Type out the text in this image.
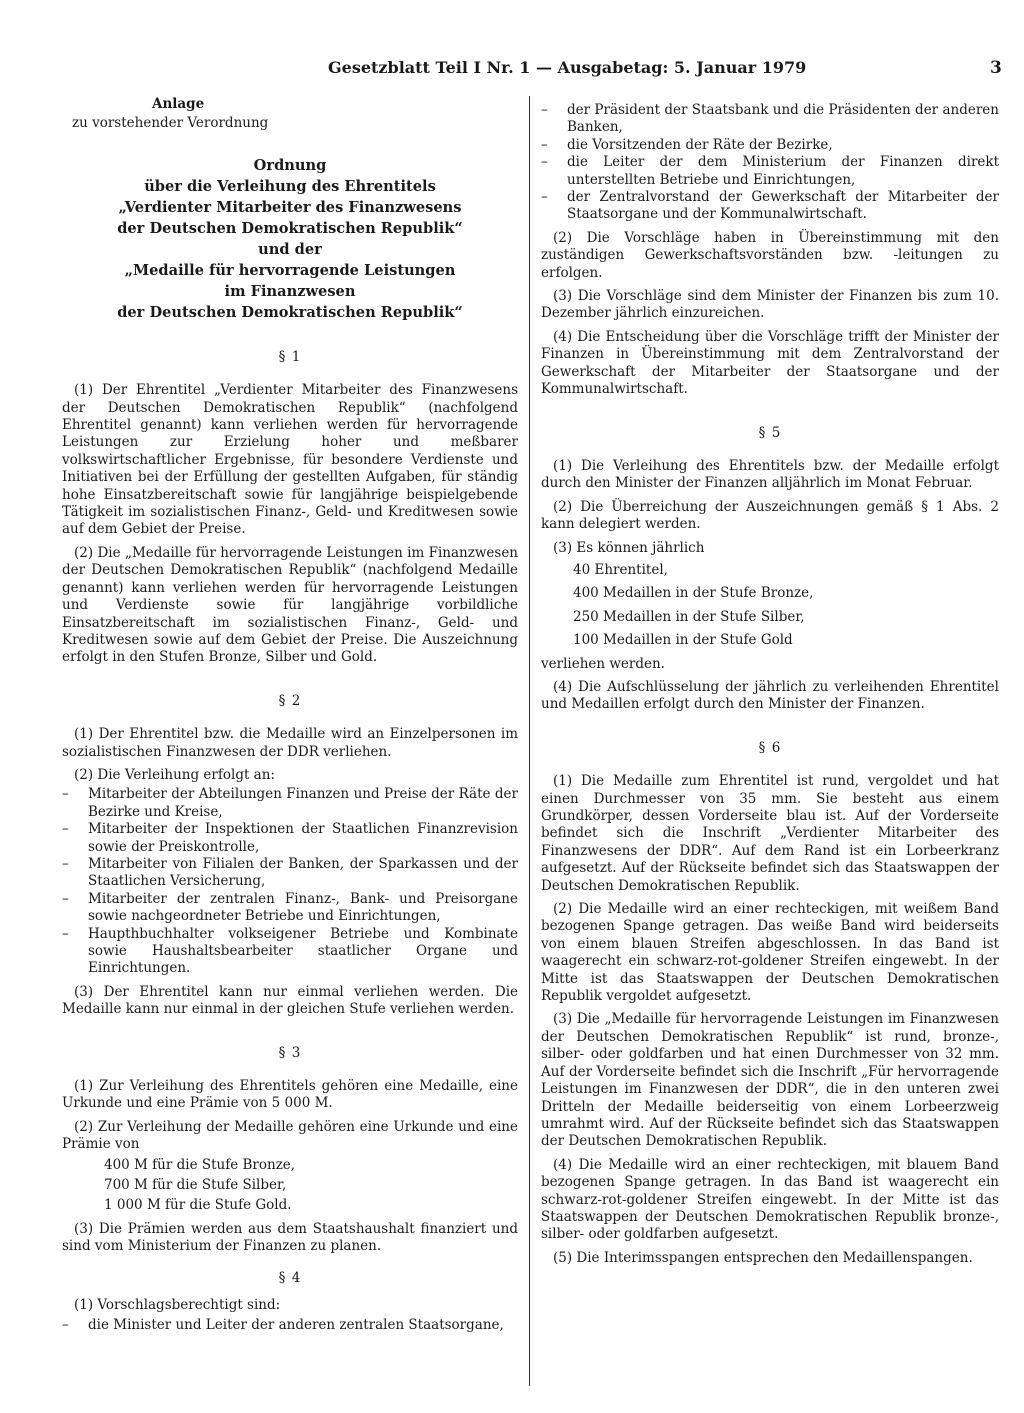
Gesetzblatt Teil I Nr. 1 — Ausgabetag: 5. Januar 1979	3
Anlage
zu vorstehender Verordnung
Ordnung
über die Verleihung des Ehrentitels
„Verdienter Mitarbeiter des Finanzwesens
der Deutschen Demokratischen Republik“
und der
„Medaille für hervorragende Leistungen
im Finanzwesen
der Deutschen Demokratischen Republik“
§ 1

(1) Der Ehrentitel „Verdienter Mitarbeiter des Finanzwesens der Deutschen Demokratischen Republik“ (nachfolgend Ehrentitel genannt) kann verliehen werden für hervorragende Leistungen zur Erzielung hoher und meßbarer volkswirtschaftlicher Ergebnisse, für besondere Verdienste und Initiativen bei der Erfüllung der gestellten Aufgaben, für ständig hohe Einsatzbereitschaft sowie für langjährige beispielgebende Tätigkeit im sozialistischen Finanz-, Geld- und Kreditwesen sowie auf dem Gebiet der Preise.

(2) Die „Medaille für hervorragende Leistungen im Finanzwesen der Deutschen Demokratischen Republik“ (nachfolgend Medaille genannt) kann verliehen werden für hervorragende Leistungen und Verdienste sowie für langjährige vorbildliche Einsatzbereitschaft im sozialistischen Finanz-, Geld- und Kreditwesen sowie auf dem Gebiet der Preise. Die Auszeichnung erfolgt in den Stufen Bronze, Silber und Gold.

§ 2

(1) Der Ehrentitel bzw. die Medaille wird an Einzelpersonen im sozialistischen Finanzwesen der DDR verliehen.

(2) Die Verleihung erfolgt an:

– Mitarbeiter der Abteilungen Finanzen und Preise der Räte der Bezirke und Kreise,
– Mitarbeiter der Inspektionen der Staatlichen Finanzrevision sowie der Preiskontrolle,
– Mitarbeiter von Filialen der Banken, der Sparkassen und der Staatlichen Versicherung,
– Mitarbeiter der zentralen Finanz-, Bank- und Preisorgane sowie nachgeordneter Betriebe und Einrichtungen,
– Haupthbuchhalter volkseigener Betriebe und Kombinate sowie Haushaltsbearbeiter staatlicher Organe und Einrichtungen.

(3) Der Ehrentitel kann nur einmal verliehen werden. Die Medaille kann nur einmal in der gleichen Stufe verliehen werden.

§ 3

(1) Zur Verleihung des Ehrentitels gehören eine Medaille, eine Urkunde und eine Prämie von 5 000 M.

(2) Zur Verleihung der Medaille gehören eine Urkunde und eine Prämie von

400 M für die Stufe Bronze,
700 M für die Stufe Silber,
1 000 M für die Stufe Gold.

(3) Die Prämien werden aus dem Staatshaushalt finanziert und sind vom Ministerium der Finanzen zu planen.

§ 4

(1) Vorschlagsberechtigt sind:

– die Minister und Leiter der anderen zentralen Staatsorgane,
– der Präsident der Staatsbank und die Präsidenten der anderen Banken,
– die Vorsitzenden der Räte der Bezirke,
– die Leiter der dem Ministerium der Finanzen direkt unterstellten Betriebe und Einrichtungen,
– der Zentralvorstand der Gewerkschaft der Mitarbeiter der Staatsorgane und der Kommunalwirtschaft.

(2) Die Vorschläge haben in Übereinstimmung mit den zuständigen Gewerkschaftsvorständen bzw. -leitungen zu erfolgen.

(3) Die Vorschläge sind dem Minister der Finanzen bis zum 10. Dezember jährlich einzureichen.

(4) Die Entscheidung über die Vorschläge trifft der Minister der Finanzen in Übereinstimmung mit dem Zentralvorstand der Gewerkschaft der Mitarbeiter der Staatsorgane und der Kommunalwirtschaft.

§ 5

(1) Die Verleihung des Ehrentitels bzw. der Medaille erfolgt durch den Minister der Finanzen alljährlich im Monat Februar.

(2) Die Überreichung der Auszeichnungen gemäß § 1 Abs. 2 kann delegiert werden.

(3) Es können jährlich

40 Ehrentitel,
400 Medaillen in der Stufe Bronze,
250 Medaillen in der Stufe Silber,
100 Medaillen in der Stufe Gold

verliehen werden.

(4) Die Aufschlüsselung der jährlich zu verleihenden Ehrentitel und Medaillen erfolgt durch den Minister der Finanzen.

§ 6

(1) Die Medaille zum Ehrentitel ist rund, vergoldet und hat einen Durchmesser von 35 mm. Sie besteht aus einem Grundkörper, dessen Vorderseite blau ist. Auf der Vorderseite befindet sich die Inschrift „Verdienter Mitarbeiter des Finanzwesens der DDR“. Auf dem Rand ist ein Lorbeerkranz aufgesetzt. Auf der Rückseite befindet sich das Staatswappen der Deutschen Demokratischen Republik.

(2) Die Medaille wird an einer rechteckigen, mit weißem Band bezogenen Spange getragen. Das weiße Band wird beiderseits von einem blauen Streifen abgeschlossen. In das Band ist waagerecht ein schwarz-rot-goldener Streifen eingewebt. In der Mitte ist das Staatswappen der Deutschen Demokratischen Republik vergoldet aufgesetzt.

(3) Die „Medaille für hervorragende Leistungen im Finanzwesen der Deutschen Demokratischen Republik“ ist rund, bronze-, silber- oder goldfarben und hat einen Durchmesser von 32 mm. Auf der Vorderseite befindet sich die Inschrift „Für hervorragende Leistungen im Finanzwesen der DDR“, die in den unteren zwei Dritteln der Medaille beiderseitig von einem Lorbeerzweig umrahmt wird. Auf der Rückseite befindet sich das Staatswappen der Deutschen Demokratischen Republik.

(4) Die Medaille wird an einer rechteckigen, mit blauem Band bezogenen Spange getragen. In das Band ist waagerecht ein schwarz-rot-goldener Streifen eingewebt. In der Mitte ist das Staatswappen der Deutschen Demokratischen Republik bronze-, silber- oder goldfarben aufgesetzt.

(5) Die Interimsspangen entsprechen den Medaillenspangen.
